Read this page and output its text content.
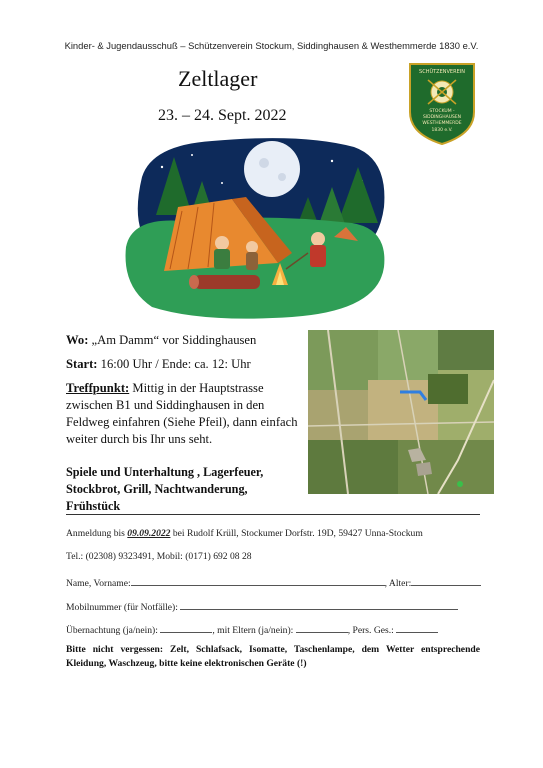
Kinder- & Jugendausschuß – Schützenverein Stockum, Siddinghausen & Westhemmerde 1830 e.V.
Zeltlager
23. – 24. Sept. 2022
SCHÜTZENVEREIN
STOCKUM -
SIDDINGHAUSEN
WESTHEMMERDE
1830 e.V.
Wo: „Am Damm“ vor Siddinghausen
Start: 16:00 Uhr / Ende: ca. 12: Uhr
Treffpunkt: Mittig in der Hauptstrasse zwischen B1 und Siddinghausen in den Feldweg einfahren (Siehe Pfeil), dann einfach weiter durch bis Ihr uns seht.
Spiele und Unterhaltung , Lagerfeuer, Stockbrot, Grill, Nachtwanderung, Frühstück
Anmeldung bis 09.09.2022 bei Rudolf Krüll, Stockumer Dorfstr. 19D, 59427 Unna-Stockum
Tel.: (02308) 9323491, Mobil: (0171) 692 08 28
Name, Vorname:	, Alter:
Mobilnummer (für Notfälle):
Übernachtung (ja/nein):	, mit Eltern (ja/nein):	, Pers. Ges.:
Bitte nicht vergessen: Zelt, Schlafsack, Isomatte, Taschenlampe, dem Wetter entsprechende Kleidung, Waschzeug, bitte keine elektronischen Geräte (!)
